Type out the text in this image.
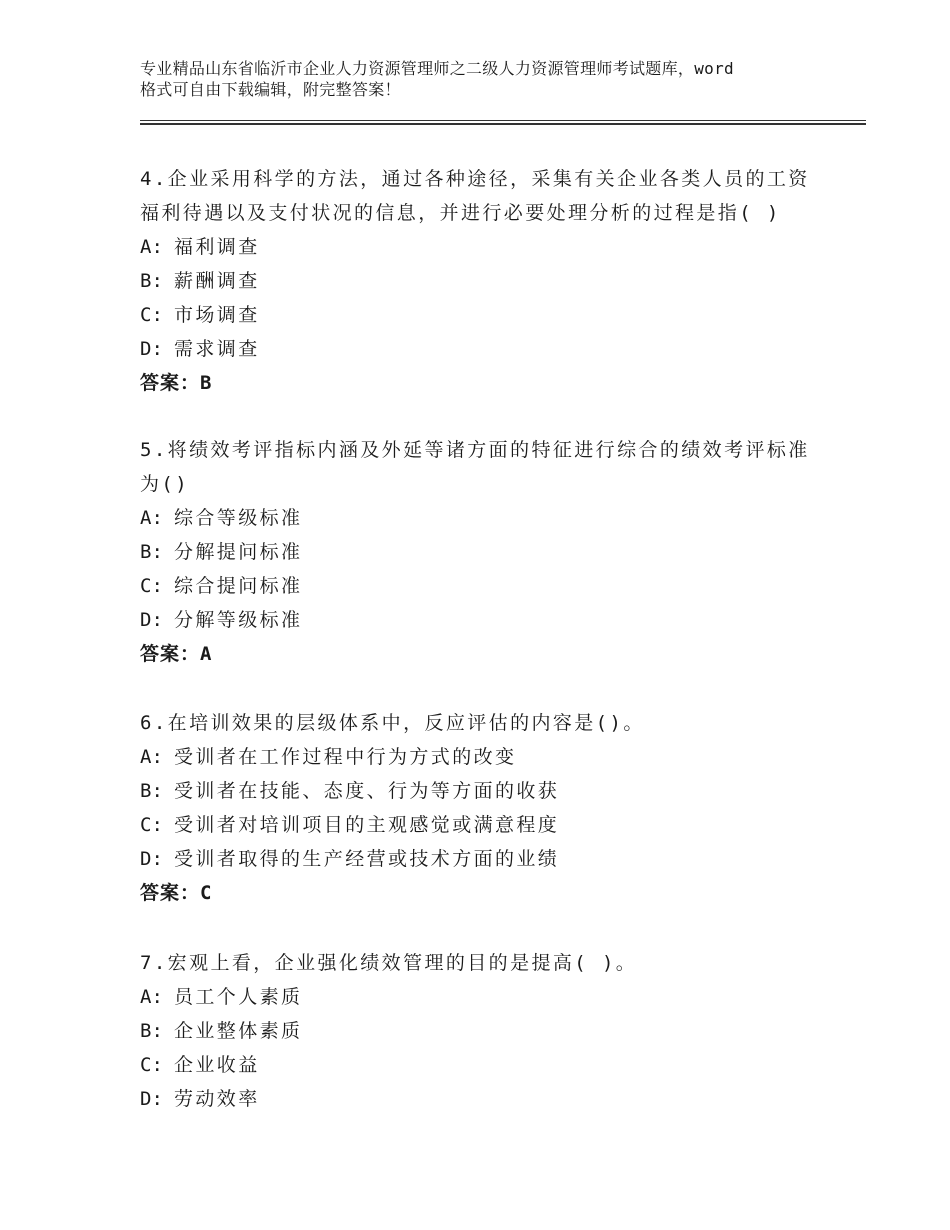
专业精品山东省临沂市企业人力资源管理师之二级人力资源管理师考试题库，word
格式可自由下载编辑，附完整答案！

4.企业采用科学的方法，通过各种途径，采集有关企业各类人员的工资福利待遇以及支付状况的信息，并进行必要处理分析的过程是指( )

A: 福利调查

B: 薪酬调查

C: 市场调查

D: 需求调查

答案：B

5.将绩效考评指标内涵及外延等诸方面的特征进行综合的绩效考评标准为()

A: 综合等级标准

B: 分解提问标准

C: 综合提问标准

D: 分解等级标准

答案：A

6.在培训效果的层级体系中，反应评估的内容是()。

A: 受训者在工作过程中行为方式的改变

B: 受训者在技能、态度、行为等方面的收获

C: 受训者对培训项目的主观感觉或满意程度

D: 受训者取得的生产经营或技术方面的业绩

答案：C

7.宏观上看，企业强化绩效管理的目的是提高( )。

A: 员工个人素质

B: 企业整体素质

C: 企业收益

D: 劳动效率
